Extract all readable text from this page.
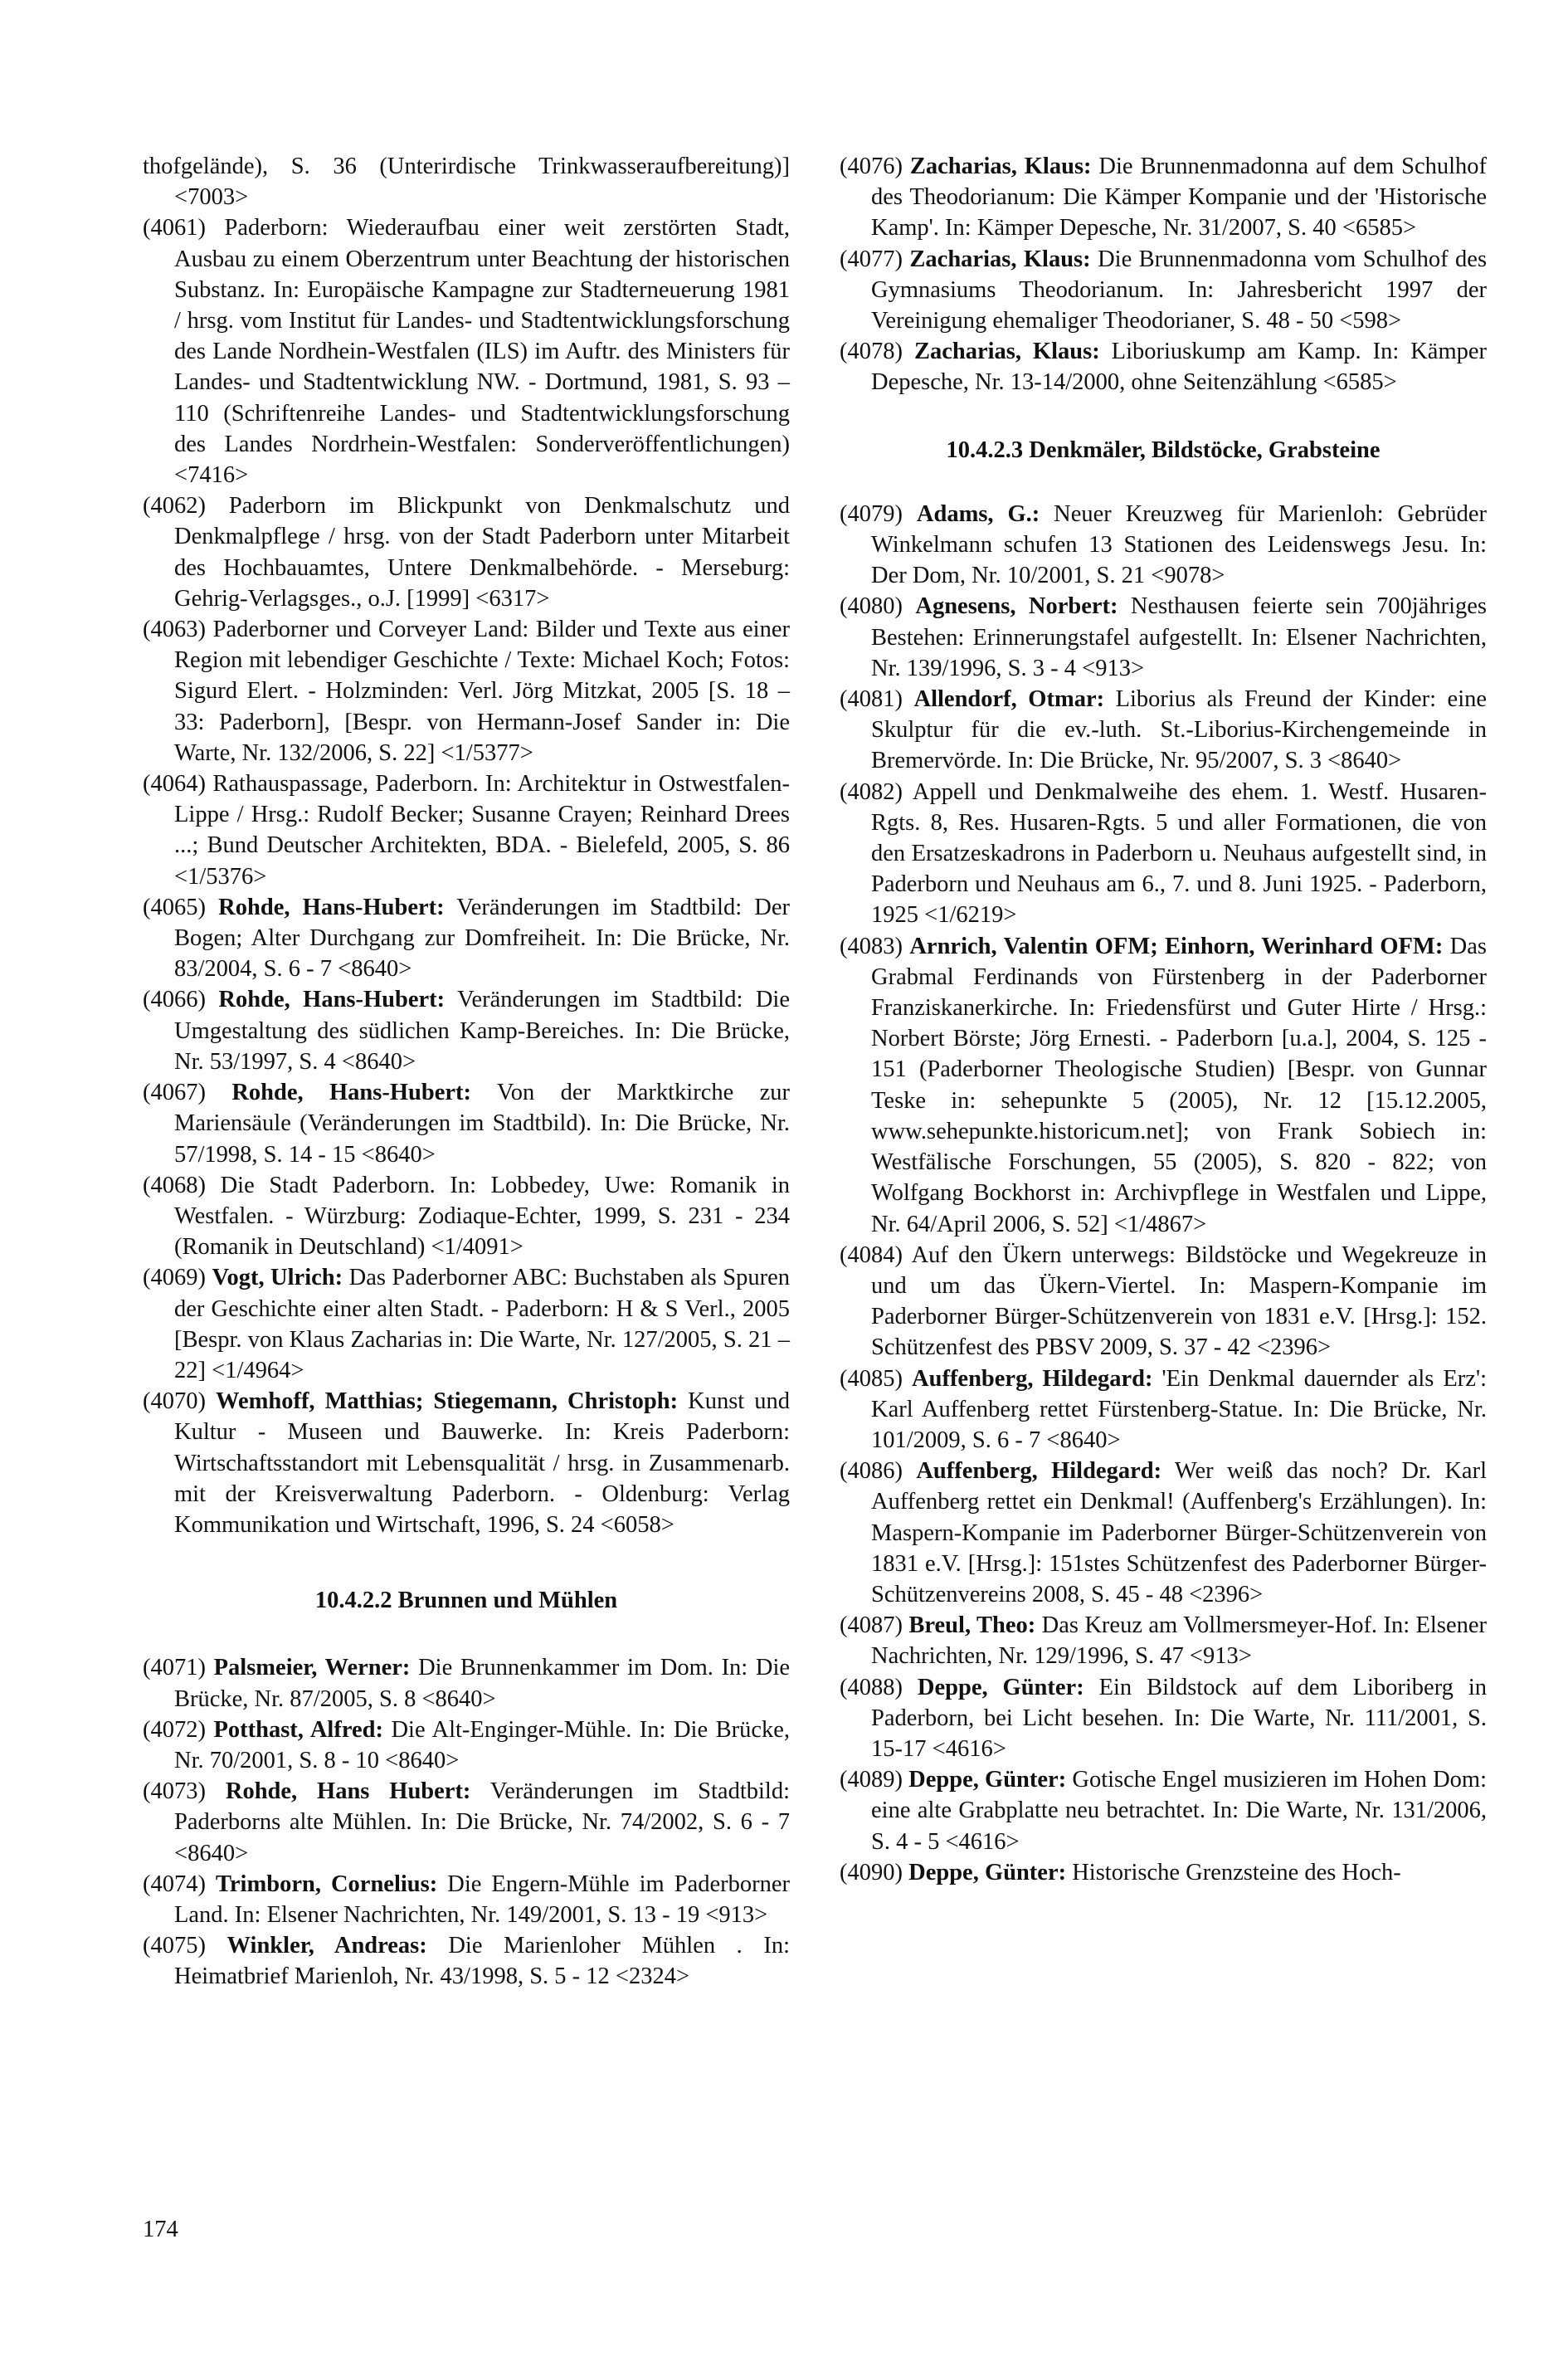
thofgelände), S. 36 (Unterirdische Trinkwasseraufbereitung)] <7003>

(4061) Paderborn: Wiederaufbau einer weit zerstörten Stadt, Ausbau zu einem Oberzentrum unter Beachtung der historischen Substanz. In: Europäische Kampagne zur Stadterneuerung 1981 / hrsg. vom Institut für Landes- und Stadtentwicklungsforschung des Lande Nordhein-Westfalen (ILS) im Auftr. des Ministers für Landes- und Stadtentwicklung NW. - Dortmund, 1981, S. 93 – 110 (Schriftenreihe Landes- und Stadtentwicklungsforschung des Landes Nordrhein-Westfalen: Sonderveröffentlichungen) <7416>

(4062) Paderborn im Blickpunkt von Denkmalschutz und Denkmalpflege / hrsg. von der Stadt Paderborn unter Mitarbeit des Hochbauamtes, Untere Denkmalbehörde. - Merseburg: Gehrig-Verlagsges., o.J. [1999] <6317>

(4063) Paderborner und Corveyer Land: Bilder und Texte aus einer Region mit lebendiger Geschichte / Texte: Michael Koch; Fotos: Sigurd Elert. - Holzminden: Verl. Jörg Mitzkat, 2005 [S. 18 – 33: Paderborn], [Bespr. von Hermann-Josef Sander in: Die Warte, Nr. 132/2006, S. 22] <1/5377>

(4064) Rathauspassage, Paderborn. In: Architektur in Ostwestfalen-Lippe / Hrsg.: Rudolf Becker; Susanne Crayen; Reinhard Drees ...; Bund Deutscher Architekten, BDA. - Bielefeld, 2005, S. 86 <1/5376>

(4065) Rohde, Hans-Hubert: Veränderungen im Stadtbild: Der Bogen; Alter Durchgang zur Domfreiheit. In: Die Brücke, Nr. 83/2004, S. 6 - 7 <8640>

(4066) Rohde, Hans-Hubert: Veränderungen im Stadtbild: Die Umgestaltung des südlichen Kamp-Bereiches. In: Die Brücke, Nr. 53/1997, S. 4 <8640>

(4067) Rohde, Hans-Hubert: Von der Marktkirche zur Mariensäule (Veränderungen im Stadtbild). In: Die Brücke, Nr. 57/1998, S. 14 - 15 <8640>

(4068) Die Stadt Paderborn. In: Lobbedey, Uwe: Romanik in Westfalen. - Würzburg: Zodiaque-Echter, 1999, S. 231 - 234 (Romanik in Deutschland) <1/4091>

(4069) Vogt, Ulrich: Das Paderborner ABC: Buchstaben als Spuren der Geschichte einer alten Stadt. - Paderborn: H & S Verl., 2005 [Bespr. von Klaus Zacharias in: Die Warte, Nr. 127/2005, S. 21 – 22] <1/4964>

(4070) Wemhoff, Matthias; Stiegemann, Christoph: Kunst und Kultur - Museen und Bauwerke. In: Kreis Paderborn: Wirtschaftsstandort mit Lebensqualität / hrsg. in Zusammenarb. mit der Kreisverwaltung Paderborn. - Oldenburg: Verlag Kommunikation und Wirtschaft, 1996, S. 24 <6058>

10.4.2.2 Brunnen und Mühlen

(4071) Palsmeier, Werner: Die Brunnenkammer im Dom. In: Die Brücke, Nr. 87/2005, S. 8 <8640>

(4072) Potthast, Alfred: Die Alt-Enginger-Mühle. In: Die Brücke, Nr. 70/2001, S. 8 - 10 <8640>

(4073) Rohde, Hans Hubert: Veränderungen im Stadtbild: Paderborns alte Mühlen. In: Die Brücke, Nr. 74/2002, S. 6 - 7 <8640>

(4074) Trimborn, Cornelius: Die Engern-Mühle im Paderborner Land. In: Elsener Nachrichten, Nr. 149/2001, S. 13 - 19 <913>

(4075) Winkler, Andreas: Die Marienloher Mühlen . In: Heimatbrief Marienloh, Nr. 43/1998, S. 5 - 12 <2324>

(4076) Zacharias, Klaus: Die Brunnenmadonna auf dem Schulhof des Theodorianum: Die Kämper Kompanie und der 'Historische Kamp'. In: Kämper Depesche, Nr. 31/2007, S. 40 <6585>

(4077) Zacharias, Klaus: Die Brunnenmadonna vom Schulhof des Gymnasiums Theodorianum. In: Jahresbericht 1997 der Vereinigung ehemaliger Theodorianer, S. 48 - 50 <598>

(4078) Zacharias, Klaus: Liboriuskump am Kamp. In: Kämper Depesche, Nr. 13-14/2000, ohne Seitenzählung <6585>

10.4.2.3 Denkmäler, Bildstöcke, Grabsteine

(4079) Adams, G.: Neuer Kreuzweg für Marienloh: Gebrüder Winkelmann schufen 13 Stationen des Leidenswegs Jesu. In: Der Dom, Nr. 10/2001, S. 21 <9078>

(4080) Agnesens, Norbert: Nesthausen feierte sein 700jähriges Bestehen: Erinnerungstafel aufgestellt. In: Elsener Nachrichten, Nr. 139/1996, S. 3 - 4 <913>

(4081) Allendorf, Otmar: Liborius als Freund der Kinder: eine Skulptur für die ev.-luth. St.-Liborius-Kirchengemeinde in Bremervörde. In: Die Brücke, Nr. 95/2007, S. 3 <8640>

(4082) Appell und Denkmalweihe des ehem. 1. Westf. Husaren-Rgts. 8, Res. Husaren-Rgts. 5 und aller Formationen, die von den Ersatzeskadrons in Paderborn u. Neuhaus aufgestellt sind, in Paderborn und Neuhaus am 6., 7. und 8. Juni 1925. - Paderborn, 1925 <1/6219>

(4083) Arnrich, Valentin OFM; Einhorn, Werinhard OFM: Das Grabmal Ferdinands von Fürstenberg in der Paderborner Franziskanerkirche. In: Friedensfürst und Guter Hirte / Hrsg.: Norbert Börste; Jörg Ernesti. - Paderborn [u.a.], 2004, S. 125 - 151 (Paderborner Theologische Studien) [Bespr. von Gunnar Teske in: sehepunkte 5 (2005), Nr. 12 [15.12.2005, www.sehepunkte.historicum.net]; von Frank Sobiech in: Westfälische Forschungen, 55 (2005), S. 820 - 822; von Wolfgang Bockhorst in: Archivpflege in Westfalen und Lippe, Nr. 64/April 2006, S. 52] <1/4867>

(4084) Auf den Ükern unterwegs: Bildstöcke und Wegekreuze in und um das Ükern-Viertel. In: Maspern-Kompanie im Paderborner Bürger-Schützenverein von 1831 e.V. [Hrsg.]: 152. Schützenfest des PBSV 2009, S. 37 - 42 <2396>

(4085) Auffenberg, Hildegard: 'Ein Denkmal dauernder als Erz': Karl Auffenberg rettet Fürstenberg-Statue. In: Die Brücke, Nr. 101/2009, S. 6 - 7 <8640>

(4086) Auffenberg, Hildegard: Wer weiß das noch? Dr. Karl Auffenberg rettet ein Denkmal! (Auffenberg's Erzählungen). In: Maspern-Kompanie im Paderborner Bürger-Schützenverein von 1831 e.V. [Hrsg.]: 151stes Schützenfest des Paderborner Bürger-Schützenvereins 2008, S. 45 - 48 <2396>

(4087) Breul, Theo: Das Kreuz am Vollmersmeyer-Hof. In: Elsener Nachrichten, Nr. 129/1996, S. 47 <913>

(4088) Deppe, Günter: Ein Bildstock auf dem Liboriberg in Paderborn, bei Licht besehen. In: Die Warte, Nr. 111/2001, S. 15-17 <4616>

(4089) Deppe, Günter: Gotische Engel musizieren im Hohen Dom: eine alte Grabplatte neu betrachtet. In: Die Warte, Nr. 131/2006, S. 4 - 5 <4616>

(4090) Deppe, Günter: Historische Grenzsteine des Hoch-

174
